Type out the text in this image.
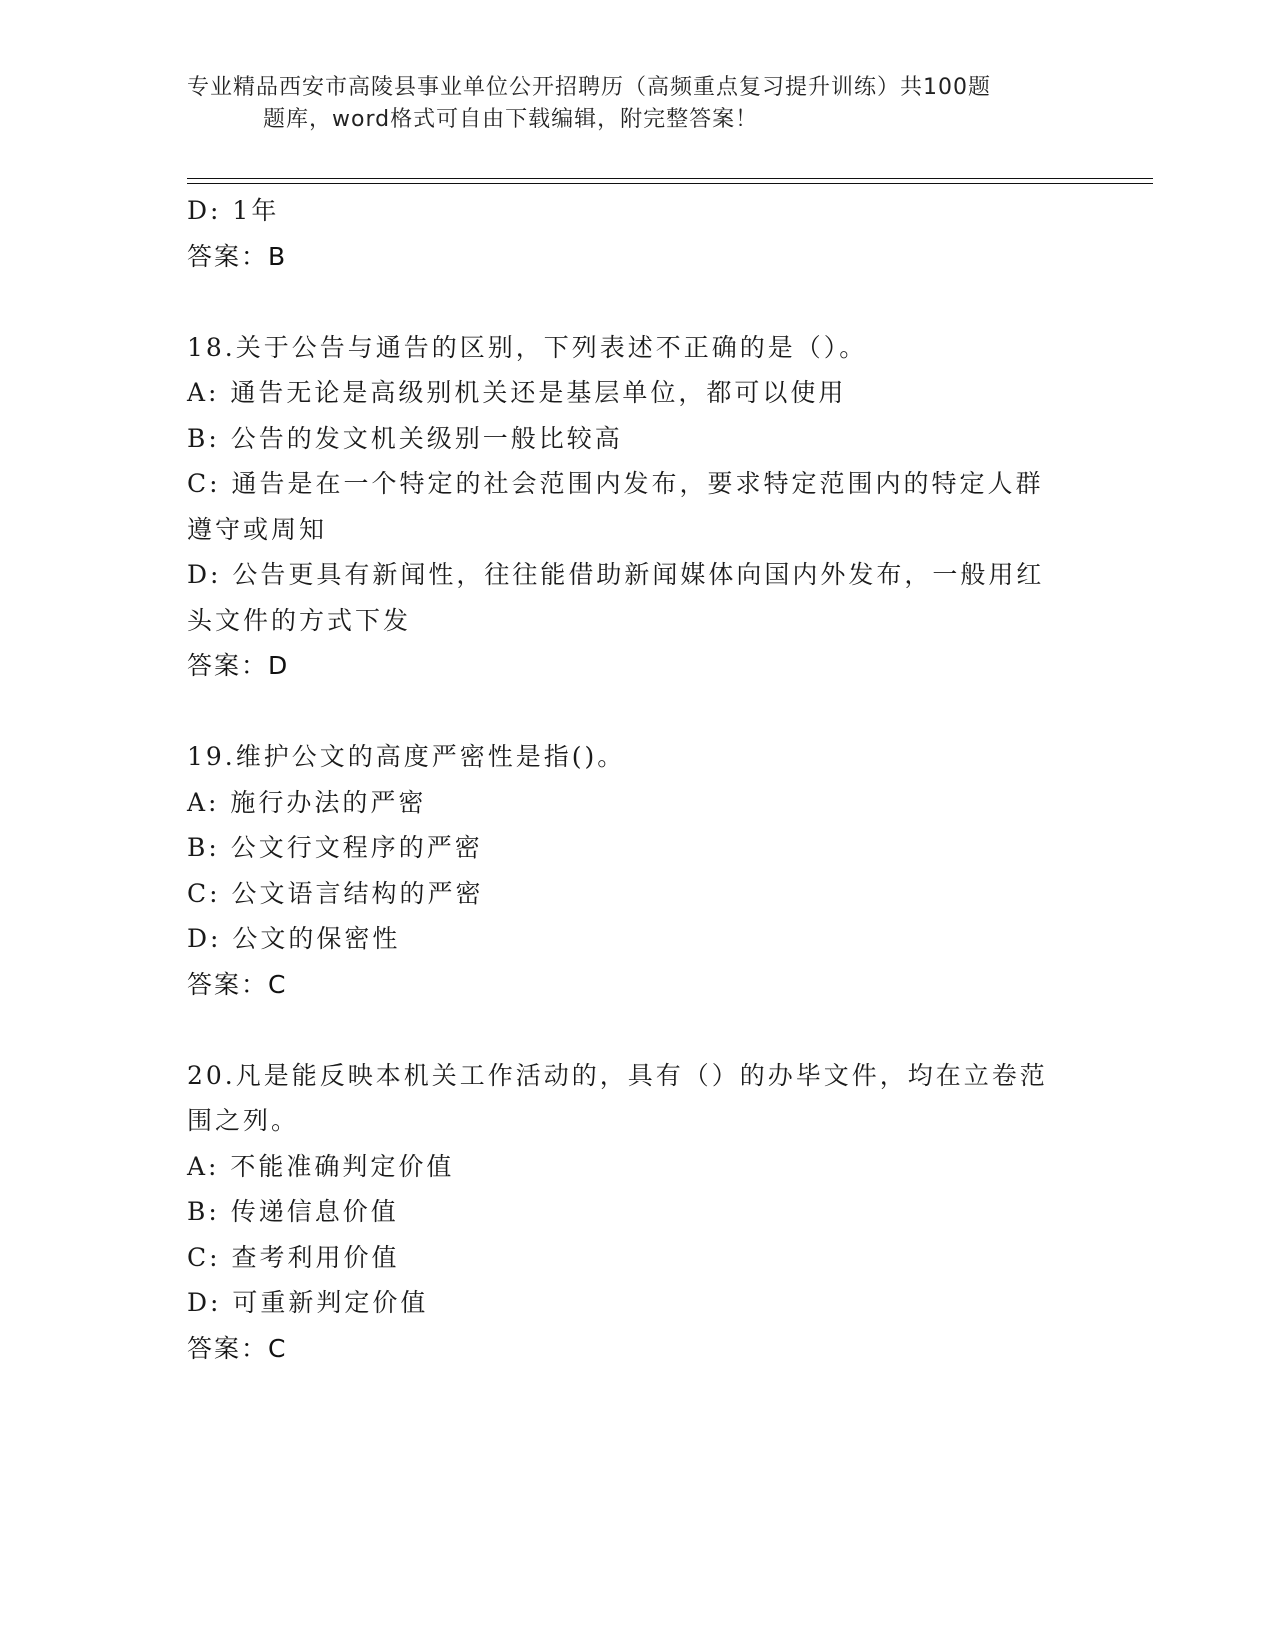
专业精品西安市高陵县事业单位公开招聘历（高频重点复习提升训练）共100题
题库，word格式可自由下载编辑，附完整答案！
D: 1年
答案：B
18.关于公告与通告的区别，下列表述不正确的是（）。
A: 通告无论是高级别机关还是基层单位，都可以使用
B: 公告的发文机关级别一般比较高
C: 通告是在一个特定的社会范围内发布，要求特定范围内的特定人群
遵守或周知
D: 公告更具有新闻性，往往能借助新闻媒体向国内外发布，一般用红
头文件的方式下发
答案：D
19.维护公文的高度严密性是指()。
A: 施行办法的严密
B: 公文行文程序的严密
C: 公文语言结构的严密
D: 公文的保密性
答案：C
20.凡是能反映本机关工作活动的，具有（）的办毕文件，均在立卷范
围之列。
A: 不能准确判定价值
B: 传递信息价值
C: 查考利用价值
D: 可重新判定价值
答案：C
